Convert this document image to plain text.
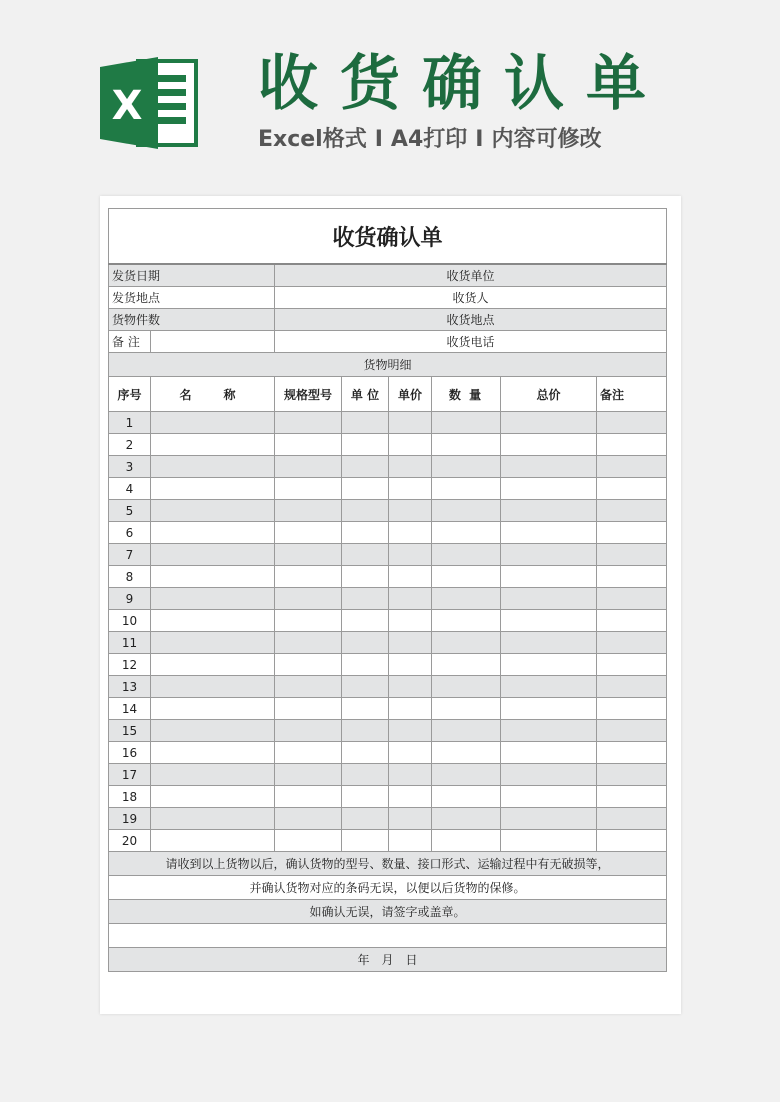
X 收货确认单
Excel格式 I A4打印 I 内容可修改
收货确认单							
发货日期		收货单位					
发货地点		收货人					
货物件数		收货地点					
备 注		收货电话					
货物明细							
序号	名　称	规格型号	单 位	单价	数 量	总价	备注
1							
2							
3							
4							
5							
6							
7							
8							
9							
10							
11							
12							
13							
14							
15							
16							
17							
18							
19							
20							
请收到以上货物以后，确认货物的型号、数量、接口形式、运输过程中有无破损等，							
并确认货物对应的条码无误，以便以后货物的保修。							
如确认无误，请签字或盖章。							

年　月　日							
